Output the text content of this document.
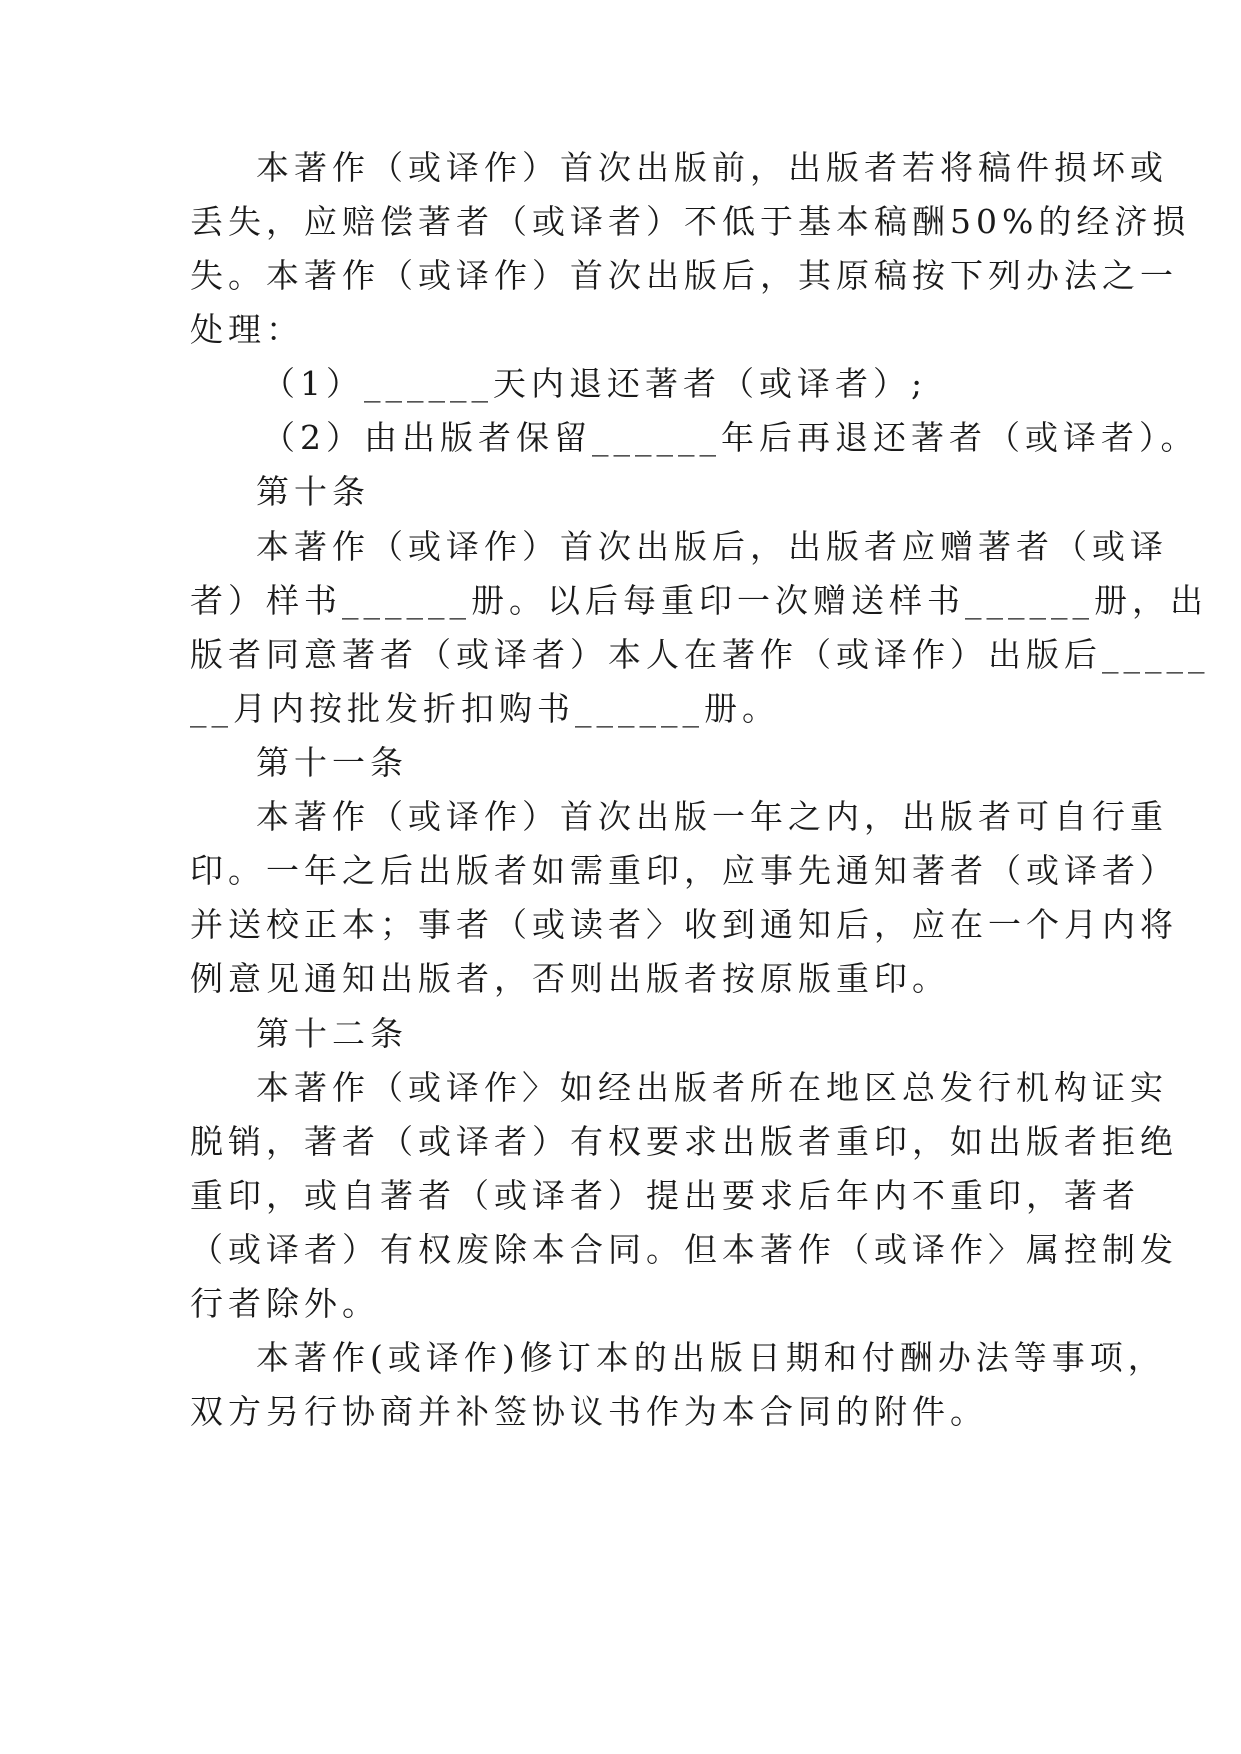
本著作（或译作）首次出版前，出版者若将稿件损坏或
丢失，应赔偿著者（或译者）不低于基本稿酬50%的经济损
失。本著作（或译作）首次出版后，其原稿按下列办法之一
处理：
（1）______天内退还著者（或译者）;
（2）由出版者保留______年后再退还著者（或译者）。
第十条
本著作（或译作）首次出版后，出版者应赠著者（或译
者）样书______册。以后每重印一次赠送样书______册，出
版者同意著者（或译者）本人在著作（或译作）出版后_____
__月内按批发折扣购书______册。
第十一条
本著作（或译作）首次出版一年之内，出版者可自行重
印。一年之后出版者如需重印，应事先通知著者（或译者）
并送校正本；事者（或读者〉收到通知后，应在一个月内将
例意见通知出版者，否则出版者按原版重印。
第十二条
本著作（或译作〉如经出版者所在地区总发行机构证实
脱销，著者（或译者）有权要求出版者重印，如出版者拒绝
重印，或自著者（或译者）提出要求后年内不重印，著者
（或译者）有权废除本合同。但本著作（或译作〉属控制发
行者除外。
本著作(或译作)修订本的出版日期和付酬办法等事项，
双方另行协商并补签协议书作为本合同的附件。
